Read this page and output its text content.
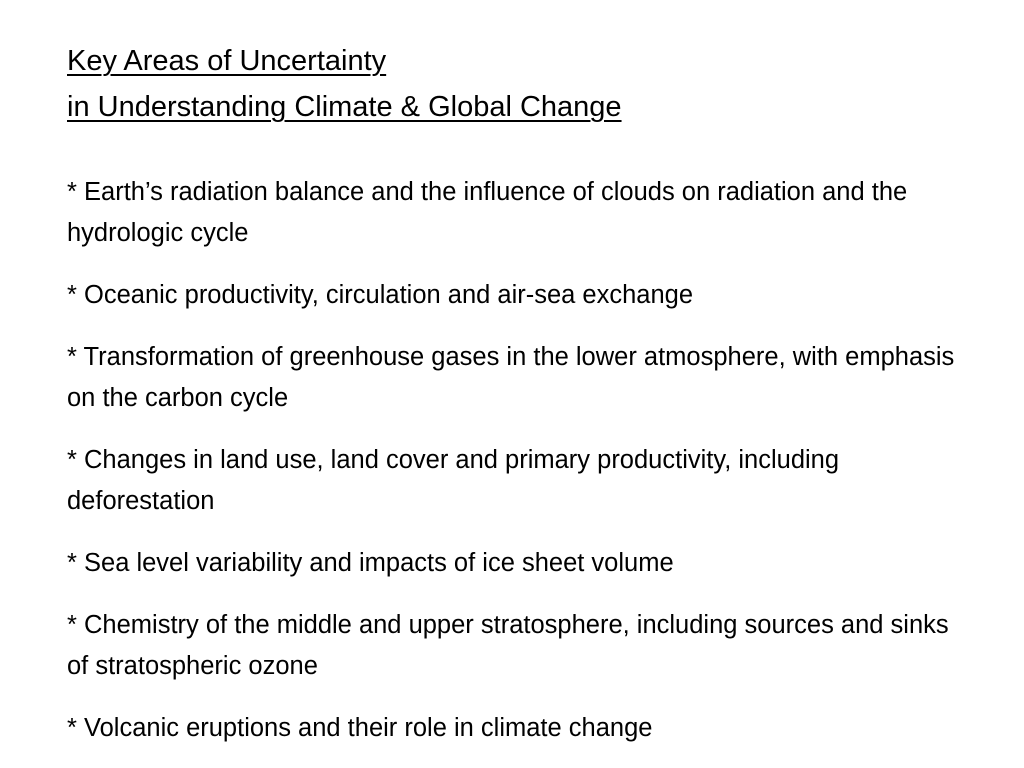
Key Areas of Uncertainty
in Understanding Climate & Global Change
* Earth’s radiation balance and the influence of clouds on radiation and the hydrologic cycle
* Oceanic productivity, circulation and air-sea exchange
* Transformation of greenhouse gases in the lower atmosphere, with emphasis on the carbon cycle
* Changes in land use, land cover and primary productivity, including deforestation
* Sea level variability and impacts of ice sheet volume
* Chemistry of the middle and upper stratosphere, including sources and sinks of stratospheric ozone
* Volcanic eruptions and their role in climate change
